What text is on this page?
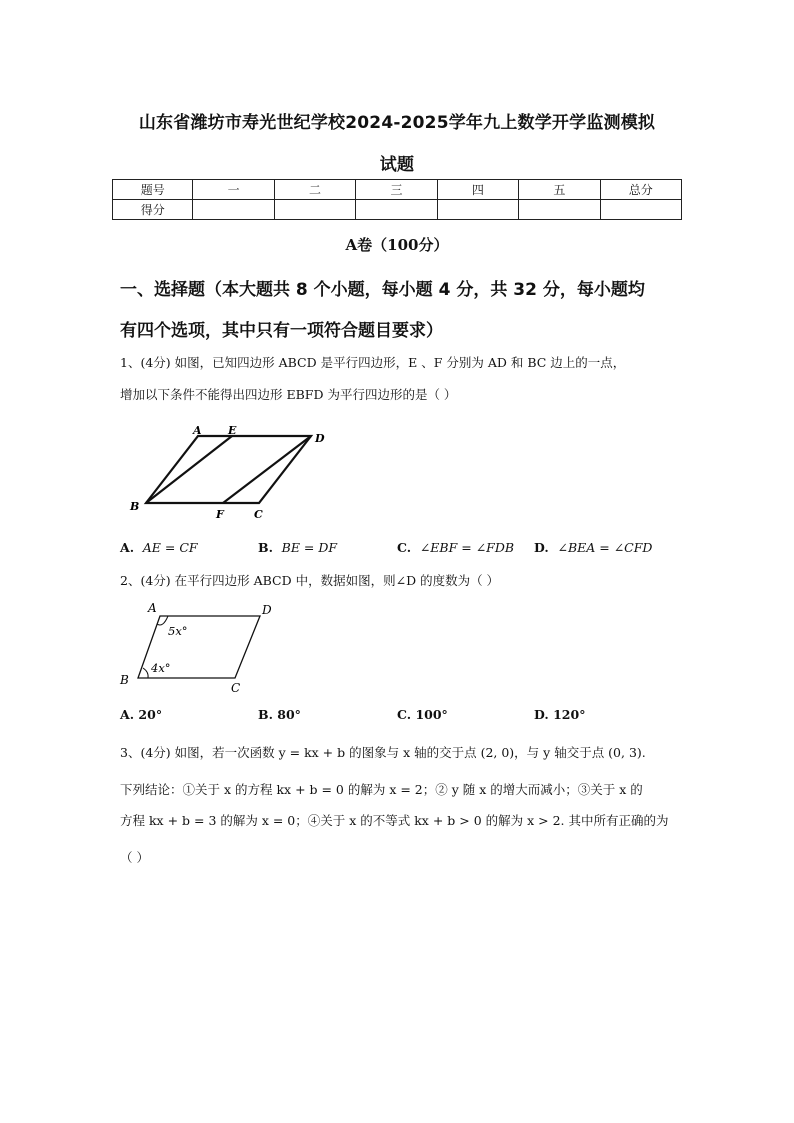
山东省潍坊市寿光世纪学校2024-2025学年九上数学开学监测模拟
试题
题号	一	二	三	四	五	总分
得分						
A卷（100分）
一、选择题（本大题共 8 个小题，每小题 4 分，共 32 分，每小题均
有四个选项，其中只有一项符合题目要求）
1、(4分) 如图，已知四边形 ABCD 是平行四边形，E 、F 分别为 AD 和 BC 边上的一点，
增加以下条件不能得出四边形 EBFD 为平行四边形的是（ ）
A E
D
B
F	C
A. AE = CF	B. BE = DF	C. ∠EBF = ∠FDB D. ∠BEA = ∠CFD
2、(4分) 在平行四边形 ABCD 中，数据如图，则∠D 的度数为（ ）
A	D
B
C
5x°
4x°
A. 20°	B. 80°	C. 100°	D. 120°
3、(4分) 如图，若一次函数 y = kx + b 的图象与 x 轴的交于点 (2, 0)，与 y 轴交于点 (0, 3).
下列结论：①关于 x 的方程 kx + b = 0 的解为 x = 2；② y 随 x 的增大而减小；③关于 x 的
方程 kx + b = 3 的解为 x = 0；④关于 x 的不等式 kx + b > 0 的解为 x > 2. 其中所有正确的为
（ ）
